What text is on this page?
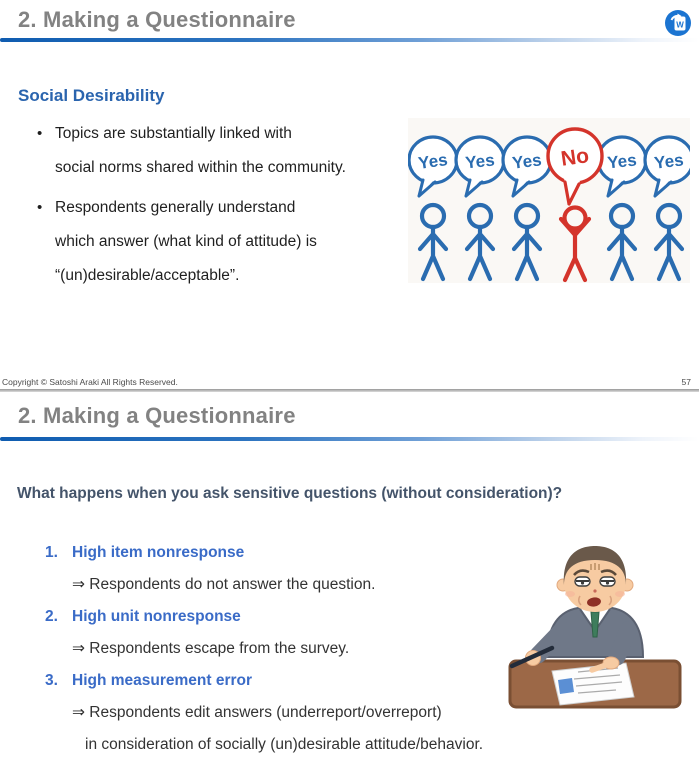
2. Making a Questionnaire	W
Social Desirability
• Topics are substantially linked with
social norms shared within the community.
• Respondents generally understand
which answer (what kind of attitude) is
“(un)desirable/acceptable”.
Yes Yes Yes No Yes Yes
Copyright © Satoshi Araki All Rights Reserved.	57
2. Making a Questionnaire
What happens when you ask sensitive questions (without consideration)?
1. High item nonresponse
⇒ Respondents do not answer the question.
2. High unit nonresponse
⇒ Respondents escape from the survey.
3. High measurement error
⇒ Respondents edit answers (underreport/overreport)
in consideration of socially (un)desirable attitude/behavior.
